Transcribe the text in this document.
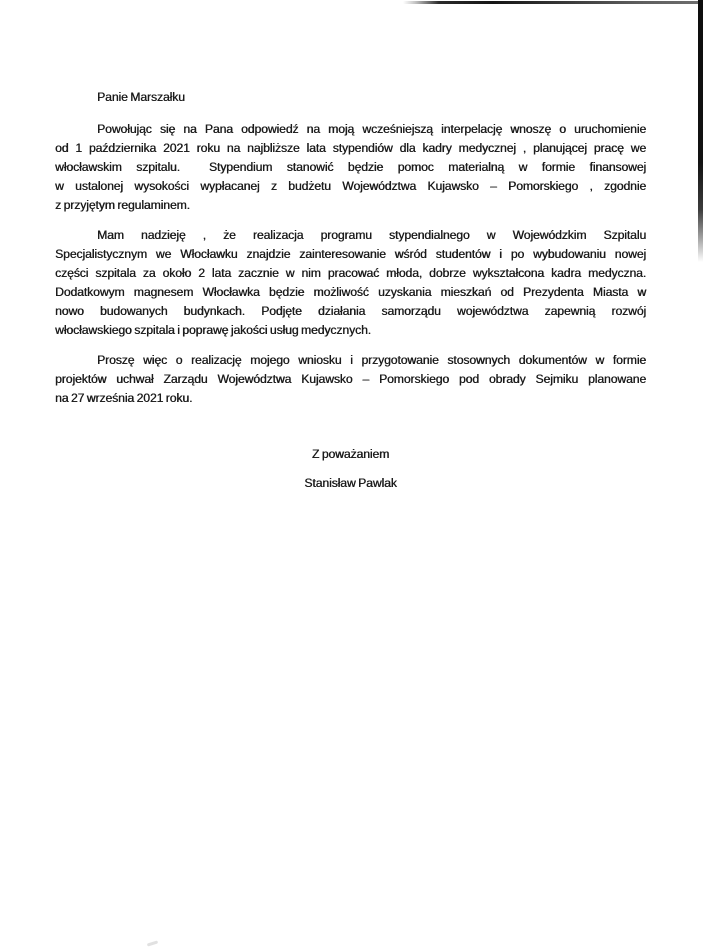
Panie Marszałku
Powołując się na Pana odpowiedź na moją wcześniejszą interpelację wnoszę o uruchomienie
od 1 października 2021 roku na najbliższe lata stypendiów dla kadry medycznej , planującej pracę we
włocławskim szpitalu.  Stypendium stanowić będzie pomoc materialną w formie finansowej
w ustalonej wysokości wypłacanej z budżetu Województwa Kujawsko – Pomorskiego , zgodnie
z przyjętym regulaminem.
Mam nadzieję , że realizacja programu stypendialnego w Wojewódzkim Szpitalu
Specjalistycznym we Włocławku znajdzie zainteresowanie wśród studentów i po wybudowaniu nowej
części szpitala za około 2 lata zacznie w nim pracować młoda, dobrze wykształcona kadra medyczna.
Dodatkowym magnesem Włocławka będzie możliwość uzyskania mieszkań od Prezydenta Miasta w
nowo budowanych budynkach. Podjęte działania samorządu województwa zapewnią rozwój
włocławskiego szpitala i poprawę jakości usług medycznych.
Proszę więc o realizację mojego wniosku i przygotowanie stosownych dokumentów w formie
projektów uchwał Zarządu Województwa Kujawsko – Pomorskiego pod obrady Sejmiku planowane
na 27 września 2021 roku.
Z poważaniem
Stanisław Pawlak
